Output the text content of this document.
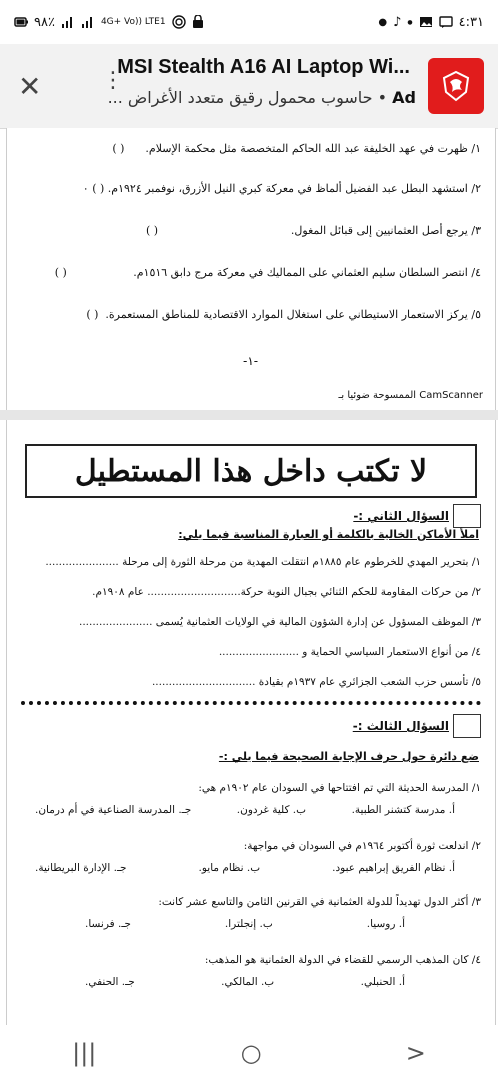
٩٨٪	4G+ Vo)) LTE1	● ♪ ●	٤:٣١
✕	⋮
MSI Stealth A16 AI Laptop Wi...
Ad • حاسوب محمول رقيق متعدد الأغراض ...
١/ ظهرت في عهد الخليفة عبد الله الحاكم المتخصصة مثل محكمة الإسلام.      ( )
٢/ استشهد البطل عبد الفضيل ألماظ في معركة كبري النيل الأزرق، نوفمبر ١٩٢٤م. ( ) ٠
٣/ يرجع أصل العثمانيين إلى قبائل المغول.                                      ( )
٤/ انتصر السلطان سليم العثماني على المماليك في معركة مرج دابق ١٥١٦م.                   ( )
٥/ يركز الاستعمار الاستيطاني على استغلال الموارد الاقتصادية للمناطق المستعمرة.  ( )
-١-
الممسوحة ضوئيا بـ CamScanner
لا تكتب داخل هذا المستطيل
السؤال الثاني :-
املأ الأماكن الخالية بالكلمة أو العبارة المناسبة فيما يلي:
١/ بتحرير المهدي للخرطوم عام ١٨٨٥م انتقلت المهدية من مرحلة الثورة إلى مرحلة ......................
٢/ من حركات المقاومة للحكم الثنائي بجبال النوبة حركة............................ عام ١٩٠٨م.
٣/ الموظف المسؤول عن إدارة الشؤون المالية في الولايات العثمانية يُسمى ......................
٤/ من أنواع الاستعمار السياسي الحماية و ........................
٥/ تأسس حزب الشعب الجزائري عام ١٩٣٧م بقيادة ...............................
السؤال الثالث :-
ضع دائرة حول حرف الإجابة الصحيحة فيما يلي :-
١/ المدرسة الحديثة التي تم افتتاحها في السودان عام ١٩٠٢م هي:
أ. مدرسة كتشنر الطبية.
ب. كلية غردون.
جـ. المدرسة الصناعية في أم درمان.
٢/ اندلعت ثورة أكتوبر ١٩٦٤م في السودان في مواجهة:
أ. نظام الفريق إبراهيم عبود.
ب. نظام مايو.
جـ. الإدارة البريطانية.
٣/ أكثر الدول تهديداً للدولة العثمانية في القرنين الثامن والتاسع عشر كانت:
أ. روسيا.
ب. إنجلترا.
جـ. فرنسا.
٤/ كان المذهب الرسمي للقضاء في الدولة العثمانية هو المذهب:
أ. الحنبلي.
ب. المالكي.
جـ. الحنفي.
|||	○	>
